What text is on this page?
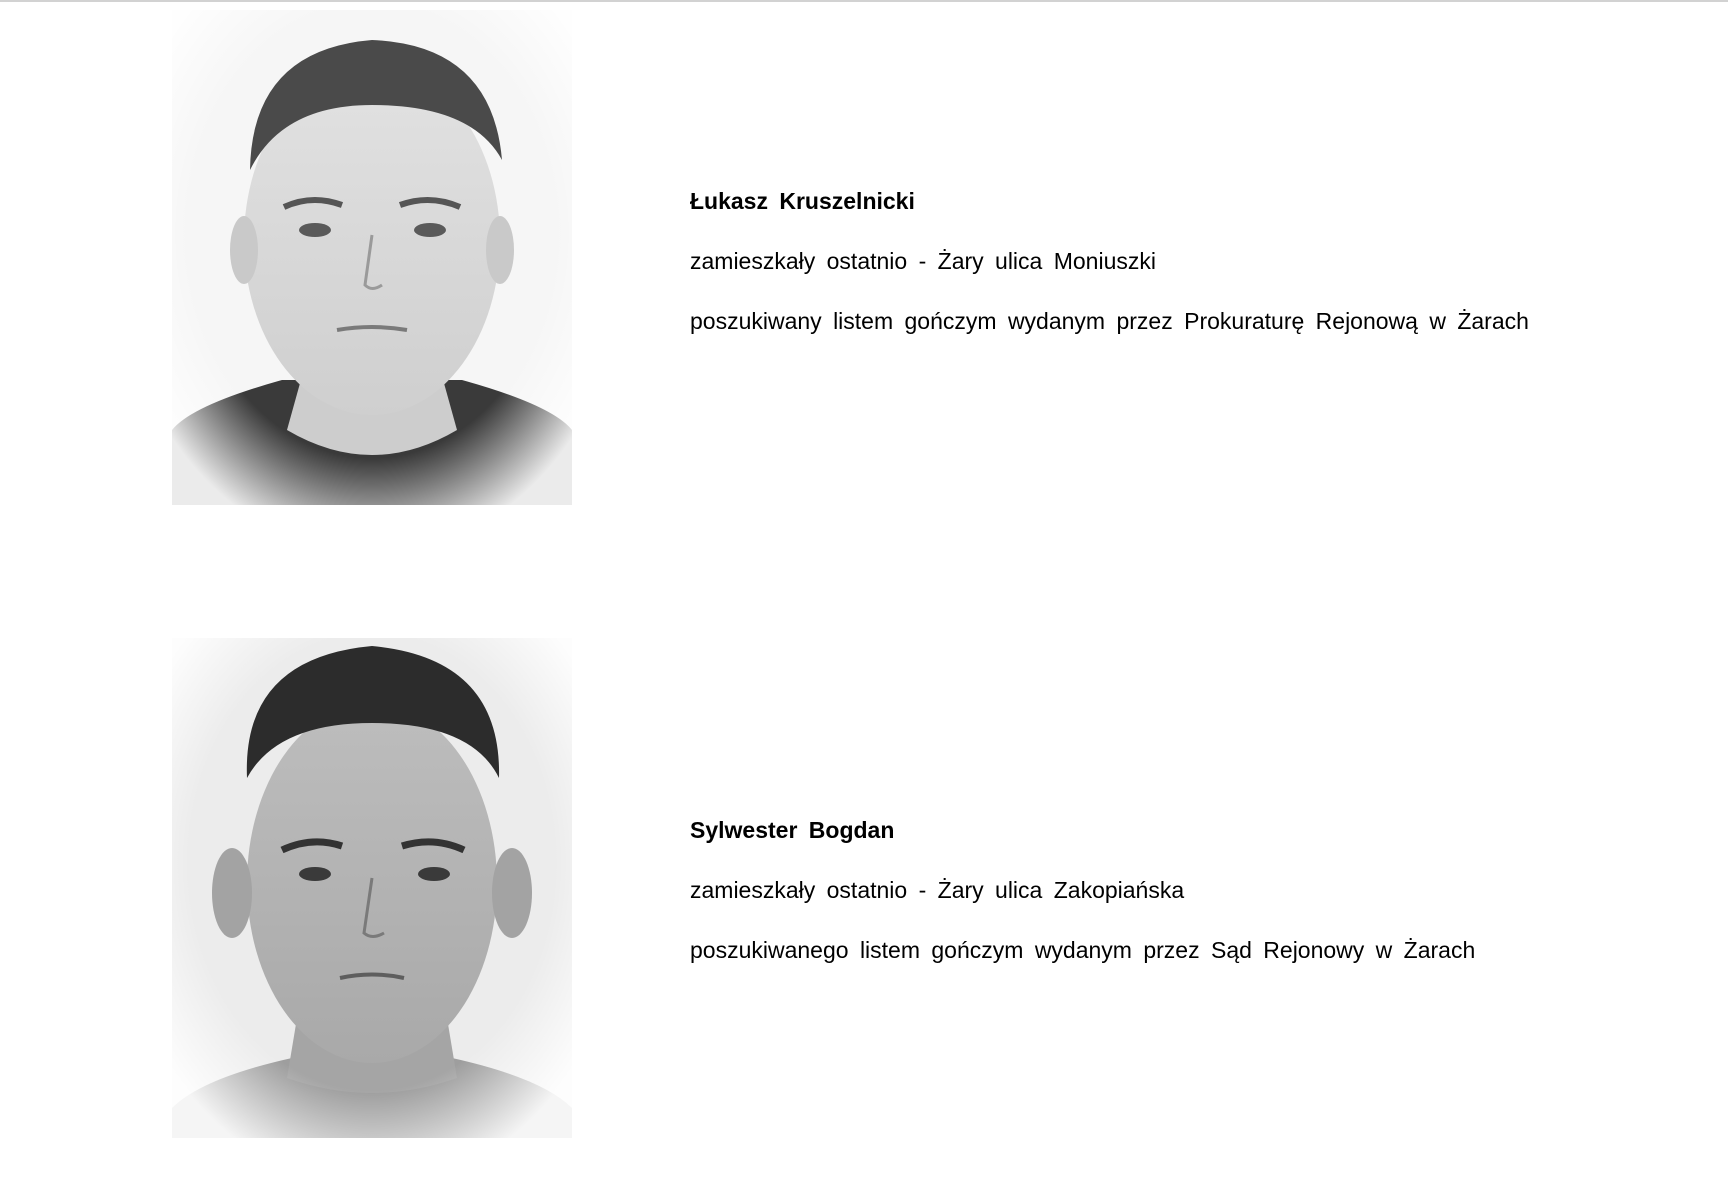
Łukasz Kruszelnicki
zamieszkały ostatnio - Żary ulica Moniuszki
poszukiwany listem gończym wydanym przez Prokuraturę Rejonową w Żarach
Sylwester Bogdan
zamieszkały ostatnio - Żary ulica Zakopiańska
poszukiwanego listem gończym wydanym przez Sąd Rejonowy w Żarach
